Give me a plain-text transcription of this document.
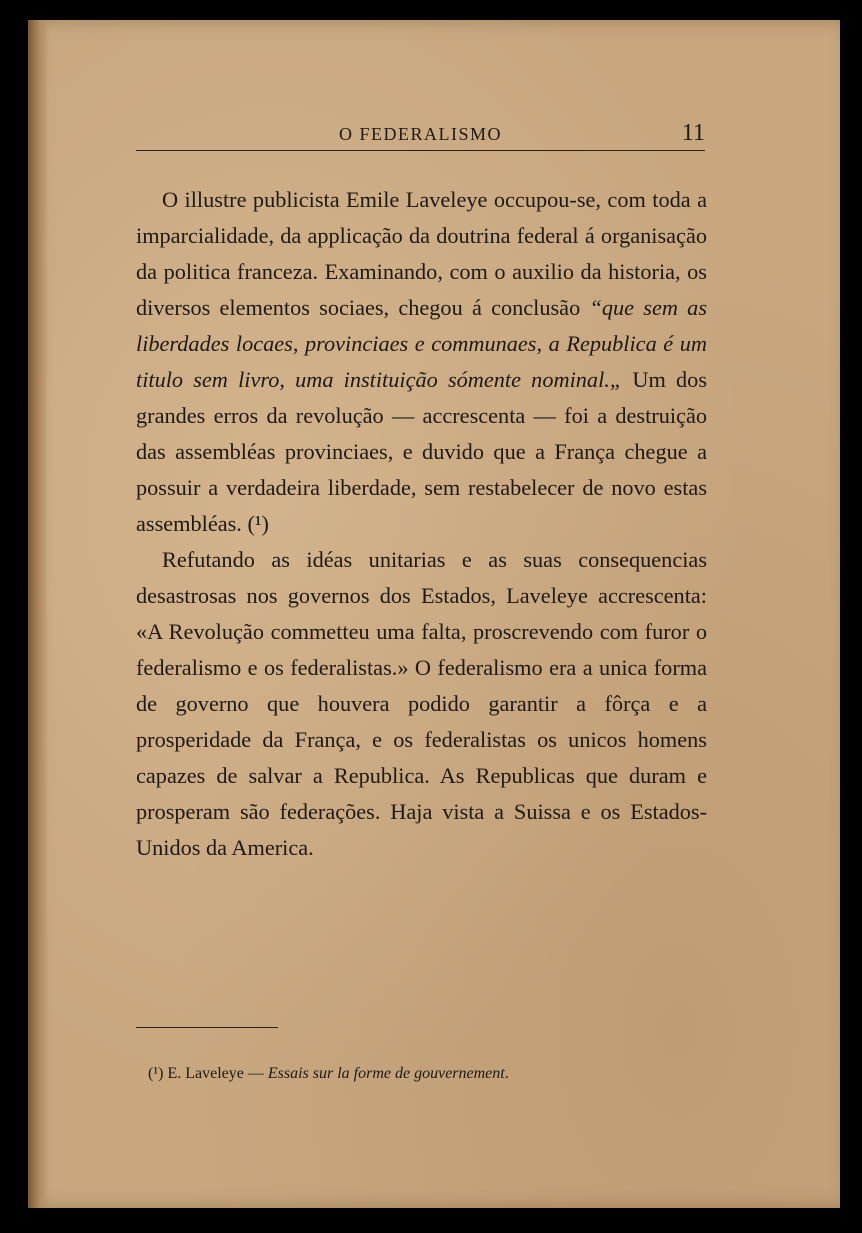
O FEDERALISMO	11

O illustre publicista Emile Laveleye occupou-se, com toda a imparcialidade, da applicação da doutrina federal á organisação da politica franceza. Examinando, com o auxilio da historia, os diversos elementos sociaes, chegou á conclusão “que sem as liberdades locaes, provinciaes e communaes, a Republica é um titulo sem livro, uma instituição sómente nominal.„ Um dos grandes erros da revolução — accrescenta — foi a destruição das assembléas provinciaes, e duvido que a França chegue a possuir a verdadeira liberdade, sem restabelecer de novo estas assembléas. (¹)

Refutando as idéas unitarias e as suas consequencias desastrosas nos governos dos Estados, Laveleye accrescenta: «A Revolução commetteu uma falta, proscrevendo com furor o federalismo e os federalistas.» O federalismo era a unica forma de governo que houvera podido garantir a fôrça e a prosperidade da França, e os federalistas os unicos homens capazes de salvar a Republica. As Republicas que duram e prosperam são federações. Haja vista a Suissa e os Estados-Unidos da America.

(¹) E. Laveleye — Essais sur la forme de gouvernement.
